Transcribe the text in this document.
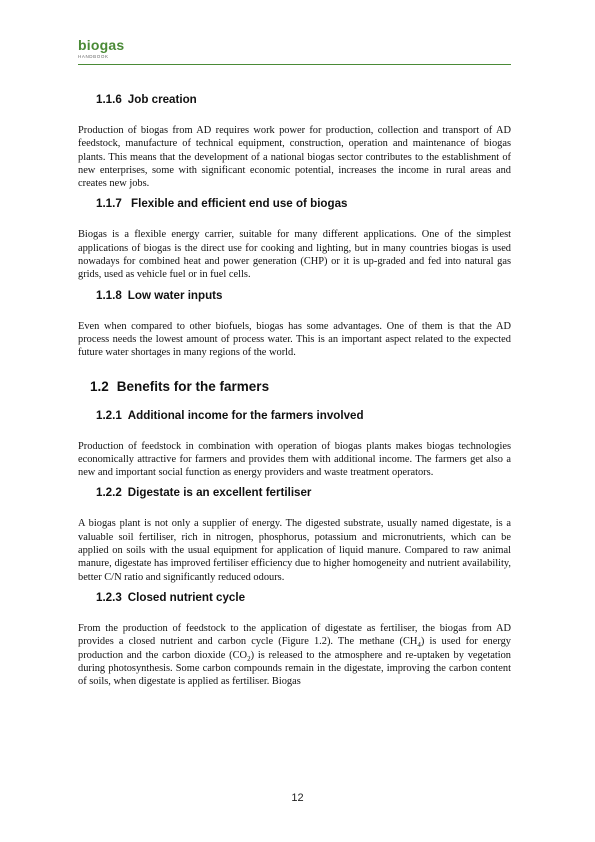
biogas
HANDBOOK
1.1.6 Job creation

Production of biogas from AD requires work power for production, collection and transport of AD feedstock, manufacture of technical equipment, construction, operation and maintenance of biogas plants. This means that the development of a national biogas sector contributes to the establishment of new enterprises, some with significant economic potential, increases the income in rural areas and creates new jobs.

1.1.7 Flexible and efficient end use of biogas

Biogas is a flexible energy carrier, suitable for many different applications. One of the simplest applications of biogas is the direct use for cooking and lighting, but in many countries biogas is used nowadays for combined heat and power generation (CHP) or it is up-graded and fed into natural gas grids, used as vehicle fuel or in fuel cells.

1.1.8 Low water inputs

Even when compared to other biofuels, biogas has some advantages. One of them is that the AD process needs the lowest amount of process water. This is an important aspect related to the expected future water shortages in many regions of the world.

1.2 Benefits for the farmers
1.2.1 Additional income for the farmers involved

Production of feedstock in combination with operation of biogas plants makes biogas technologies economically attractive for farmers and provides them with additional income. The farmers get also a new and important social function as energy providers and waste treatment operators.

1.2.2 Digestate is an excellent fertiliser

A biogas plant is not only a supplier of energy. The digested substrate, usually named digestate, is a valuable soil fertiliser, rich in nitrogen, phosphorus, potassium and micronutrients, which can be applied on soils with the usual equipment for application of liquid manure. Compared to raw animal manure, digestate has improved fertiliser efficiency due to higher homogeneity and nutrient availability, better C/N ratio and significantly reduced odours.

1.2.3 Closed nutrient cycle

From the production of feedstock to the application of digestate as fertiliser, the biogas from AD provides a closed nutrient and carbon cycle (Figure 1.2). The methane $(CH_4)$ is used for energy production and the carbon dioxide $(CO_2)$ is released to the atmosphere and re-uptaken by vegetation during photosynthesis. Some carbon compounds remain in the digestate, improving the carbon content of soils, when digestate is applied as fertiliser. Biogas

12
